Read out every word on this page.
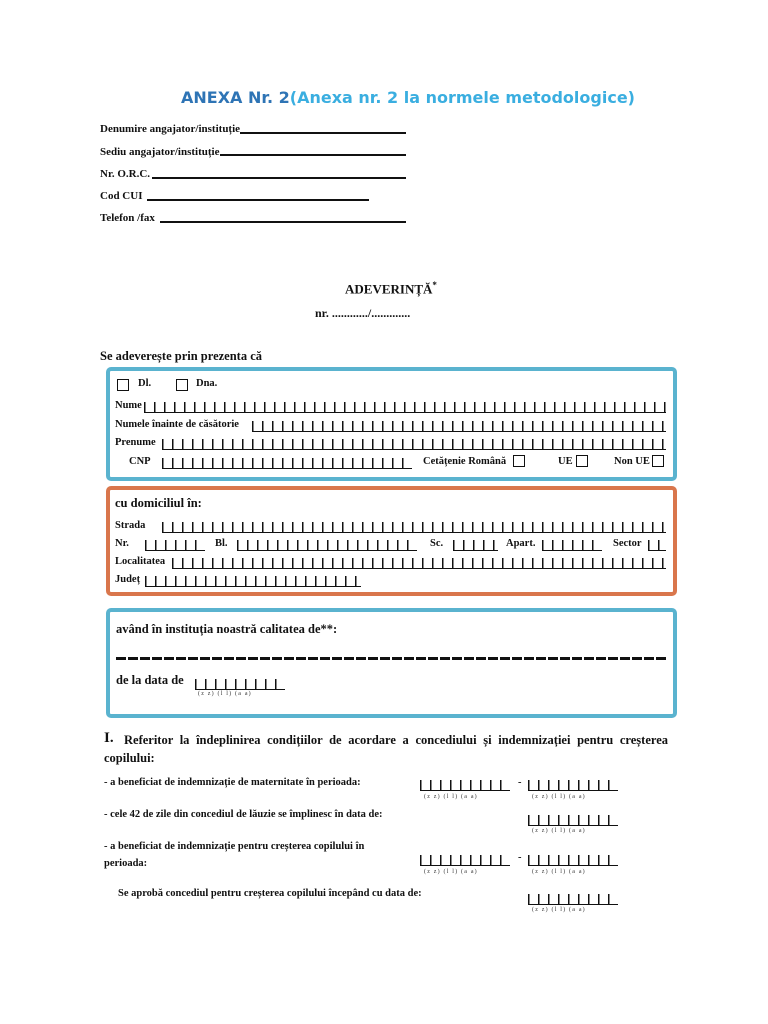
ANEXA Nr. 2(Anexa nr. 2 la normele metodologice)
Denumire angajator/instituție
Sediu angajator/instituție
Nr. O.R.C.
Cod CUI
Telefon /fax
ADEVERINȚĂ*
nr. ............/.............
Se adeverește prin prezenta că
Dl.	Dna.
Nume
Numele înainte de căsătorie
Prenume
CNP	Cetățenie Română	UE	Non UE
cu domiciliul în:
Strada
Nr.	Bl.	Sc.	Apart.	Sector
Localitatea
Județ
având în instituția noastră calitatea de**:
de la data de
(z z) (l l) (a a)
I. Referitor la îndeplinirea condițiilor de acordare a concediului și indemnizației pentru creșterea copilului:
- a beneficiat de indemnizație de maternitate în perioada:	-
(z z) (l l) (a a)	(z z) (l l) (a a)
- cele 42 de zile din concediul de lăuzie se împlinesc în data de:
(z z) (l l) (a a)
- a beneficiat de indemnizație pentru creșterea copilului în
perioada:
-
(z z) (l l) (a a)	(z z) (l l) (a a)
Se aprobă concediul pentru creșterea copilului începând cu data de:
(z z) (l l) (a a)
